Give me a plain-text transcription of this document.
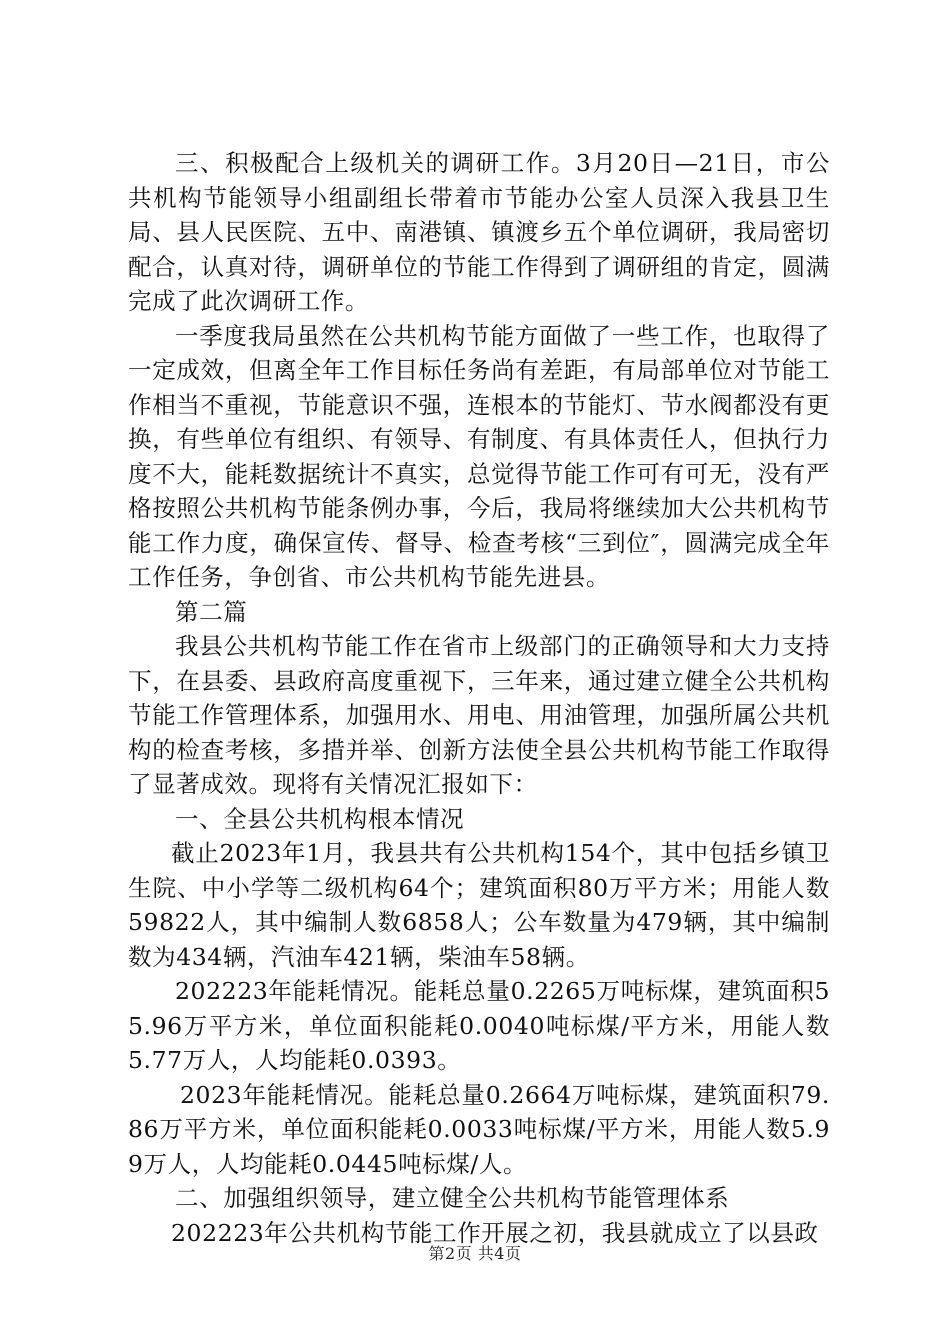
三、积极配合上级机关的调研工作。3月20日—21日，市公共机构节能领导小组副组长带着市节能办公室人员深入我县卫生局、县人民医院、五中、南港镇、镇渡乡五个单位调研，我局密切配合，认真对待，调研单位的节能工作得到了调研组的肯定，圆满完成了此次调研工作。

一季度我局虽然在公共机构节能方面做了一些工作，也取得了一定成效，但离全年工作目标任务尚有差距，有局部单位对节能工作相当不重视，节能意识不强，连根本的节能灯、节水阀都没有更换，有些单位有组织、有领导、有制度、有具体责任人，但执行力度不大，能耗数据统计不真实，总觉得节能工作可有可无，没有严格按照公共机构节能条例办事，今后，我局将继续加大公共机构节能工作力度，确保宣传、督导、检查考核“三到位″，圆满完成全年工作任务，争创省、市公共机构节能先进县。

第二篇

我县公共机构节能工作在省市上级部门的正确领导和大力支持下，在县委、县政府高度重视下，三年来，通过建立健全公共机构节能工作管理体系，加强用水、用电、用油管理，加强所属公共机构的检查考核，多措并举、创新方法使全县公共机构节能工作取得了显著成效。现将有关情况汇报如下：

一、全县公共机构根本情况

截止2023年1月，我县共有公共机构154个，其中包括乡镇卫生院、中小学等二级机构64个；建筑面积80万平方米；用能人数59822人，其中编制人数6858人；公车数量为479辆，其中编制数为434辆，汽油车421辆，柴油车58辆。

202223年能耗情况。能耗总量0.2265万吨标煤，建筑面积55.96万平方米，单位面积能耗0.0040吨标煤/平方米，用能人数5.77万人，人均能耗0.0393。

2023年能耗情况。能耗总量0.2664万吨标煤，建筑面积79.86万平方米，单位面积能耗0.0033吨标煤/平方米，用能人数5.99万人，人均能耗0.0445吨标煤/人。

二、加强组织领导，建立健全公共机构节能管理体系

202223年公共机构节能工作开展之初，我县就成立了以县政

第2页 共4页
